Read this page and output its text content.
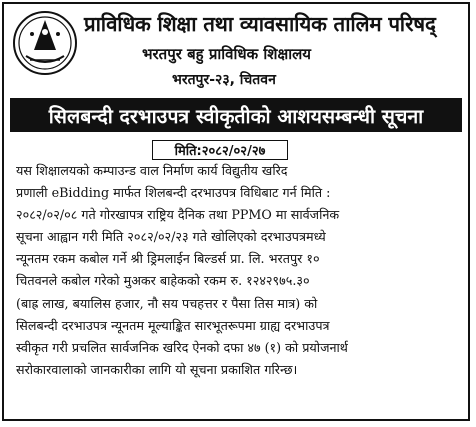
प्राविधिक शिक्षा तथा व्यावसायिक तालिम परिषद्
भरतपुर बहु प्राविधिक शिक्षालय
भरतपुर-२३, चितवन
सिलबन्दी दरभाउपत्र स्वीकृतीको आशयसम्बन्धी सूचना
मिति:२०८२/०२/२७
यस शिक्षालयको कम्पाउन्ड वाल निर्माण कार्य विद्युतीय खरिद
प्रणाली eBidding मार्फत शिलबन्दी दरभाउपत्र विधिबाट गर्न मिति :
२०८२/०२/०८ गते गोरखापत्र राष्ट्रिय दैनिक तथा PPMO मा सार्वजनिक
सूचना आह्वान गरी मिति २०८२/०२/२३ गते खोलिएको दरभाउपत्रमध्ये
न्यूनतम रकम कबोल गर्ने श्री ड्रिमलाईन बिल्डर्स प्रा. लि. भरतपुर १०
चितवनले कबोल गरेको मुअकर बाहेकको रकम रु. १२४२९७५.३०
(बाह्र लाख, बयालिस हजार, नौ सय पचहत्तर र पैसा तिस मात्र) को
सिलबन्दी दरभाउपत्र न्यूनतम मूल्याङ्कित सारभूतरूपमा ग्राह्य दरभाउपत्र
स्वीकृत गरी प्रचलित सार्वजनिक खरिद ऐनको दफा ४७ (१) को प्रयोजनार्थ
सरोकारवालाको जानकारीका लागि यो सूचना प्रकाशित गरिन्छ।
